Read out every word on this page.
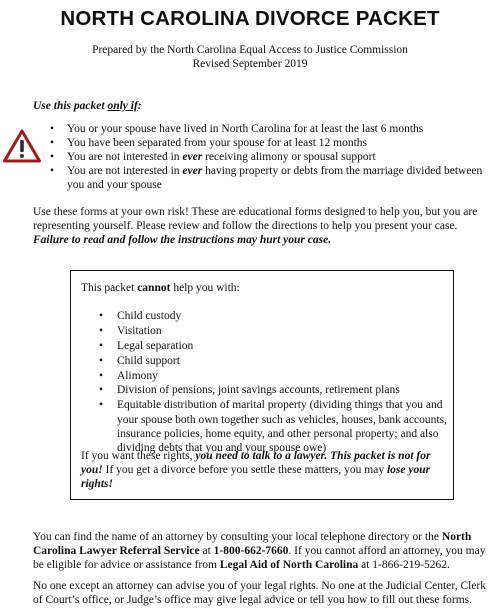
NORTH CAROLINA DIVORCE PACKET
Prepared by the North Carolina Equal Access to Justice Commission
Revised September 2019
Use this packet only if:
• You or your spouse have lived in North Carolina for at least the last 6 months
• You have been separated from your spouse for at least 12 months
• You are not interested in ever receiving alimony or spousal support
• You are not interested in ever having property or debts from the marriage divided between you and your spouse
Use these forms at your own risk! These are educational forms designed to help you, but you are representing yourself. Please review and follow the directions to help you present your case. Failure to read and follow the instructions may hurt your case.
This packet cannot help you with:
• Child custody
• Visitation
• Legal separation
• Child support
• Alimony
• Division of pensions, joint savings accounts, retirement plans
• Equitable distribution of marital property (dividing things that you and your spouse both own together such as vehicles, houses, bank accounts, insurance policies, home equity, and other personal property; and also dividing debts that you and your spouse owe)
If you want these rights, you need to talk to a lawyer. This packet is not for you! If you get a divorce before you settle these matters, you may lose your rights!
You can find the name of an attorney by consulting your local telephone directory or the North Carolina Lawyer Referral Service at 1-800-662-7660. If you cannot afford an attorney, you may be eligible for advice or assistance from Legal Aid of North Carolina at 1-866-219-5262.
No one except an attorney can advise you of your legal rights. No one at the Judicial Center, Clerk of Court’s office, or Judge’s office may give legal advice or tell you how to fill out these forms.
